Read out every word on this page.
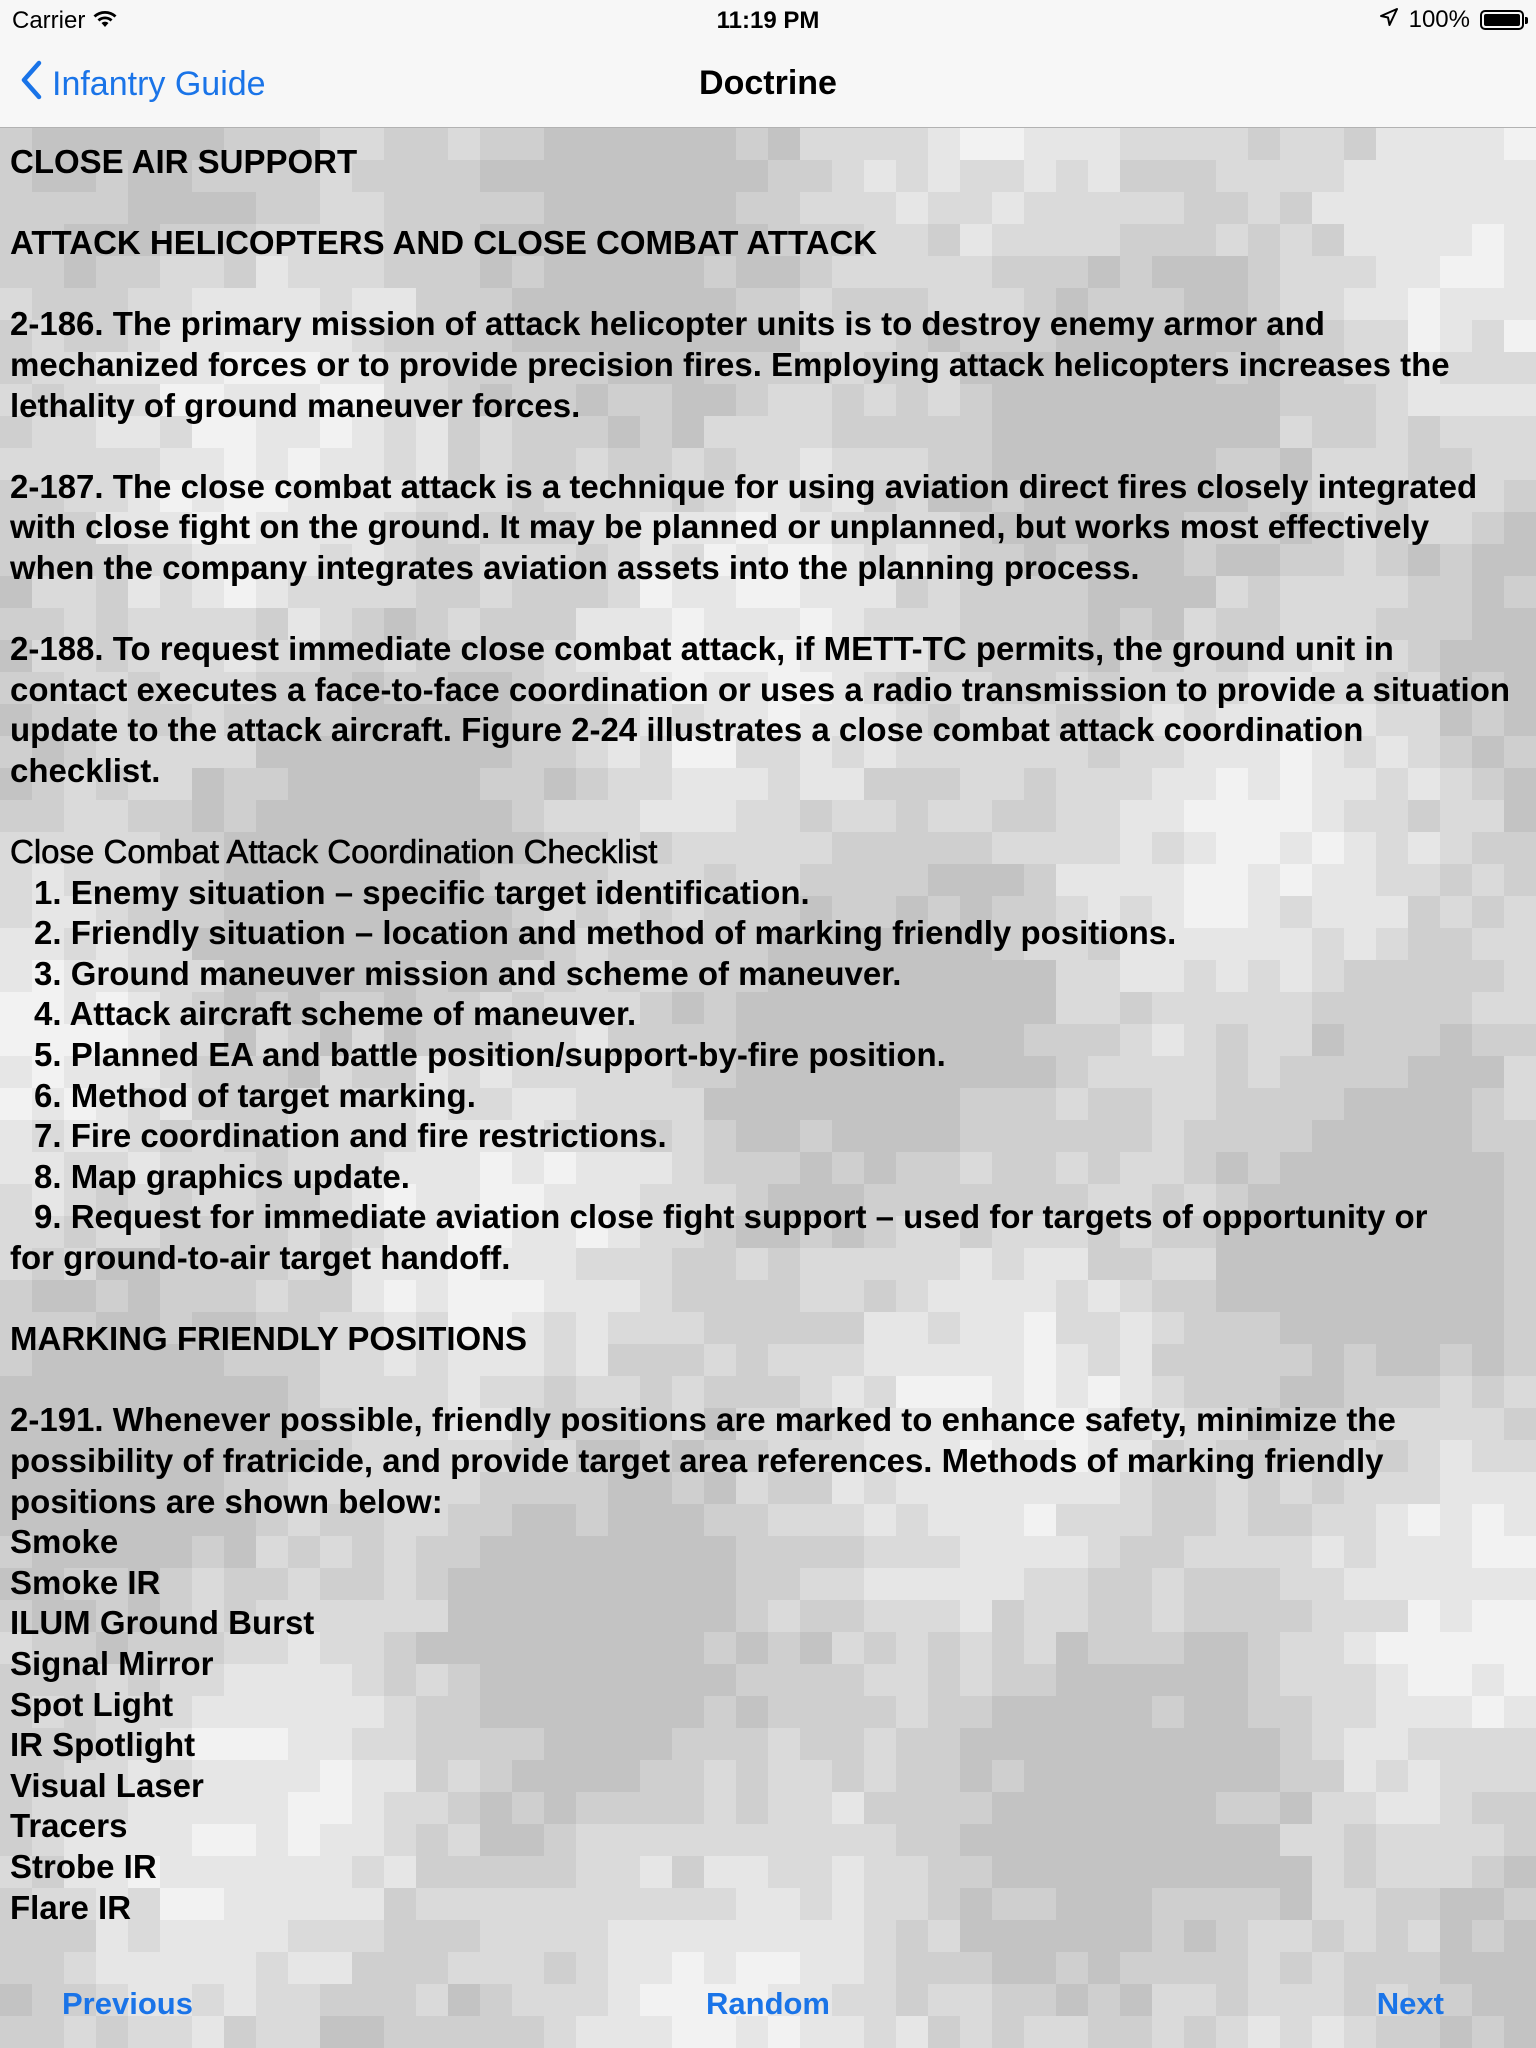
Carrier	11:19 PM	100%
Infantry Guide	Doctrine

CLOSE AIR SUPPORT

ATTACK HELICOPTERS AND CLOSE COMBAT ATTACK

2-186. The primary mission of attack helicopter units is to destroy enemy armor and mechanized forces or to provide precision fires. Employing attack helicopters increases the lethality of ground maneuver forces.

2-187. The close combat attack is a technique for using aviation direct fires closely integrated with close fight on the ground. It may be planned or unplanned, but works most effectively when the company integrates aviation assets into the planning process.

2-188. To request immediate close combat attack, if METT-TC permits, the ground unit in contact executes a face-to-face coordination or uses a radio transmission to provide a situation update to the attack aircraft. Figure 2-24 illustrates a close combat attack coordination checklist.

Close Combat Attack Coordination Checklist

1. Enemy situation – specific target identification.

2. Friendly situation – location and method of marking friendly positions.

3. Ground maneuver mission and scheme of maneuver.

4. Attack aircraft scheme of maneuver.

5. Planned EA and battle position/support-by-fire position.

6. Method of target marking.

7. Fire coordination and fire restrictions.

8. Map graphics update.

9. Request for immediate aviation close fight support – used for targets of opportunity or

for ground-to-air target handoff.

MARKING FRIENDLY POSITIONS

2-191. Whenever possible, friendly positions are marked to enhance safety, minimize the possibility of fratricide, and provide target area references. Methods of marking friendly positions are shown below:

Smoke

Smoke IR

ILUM Ground Burst

Signal Mirror

Spot Light

IR Spotlight

Visual Laser

Tracers

Strobe IR

Flare IR

Previous	Random	Next
